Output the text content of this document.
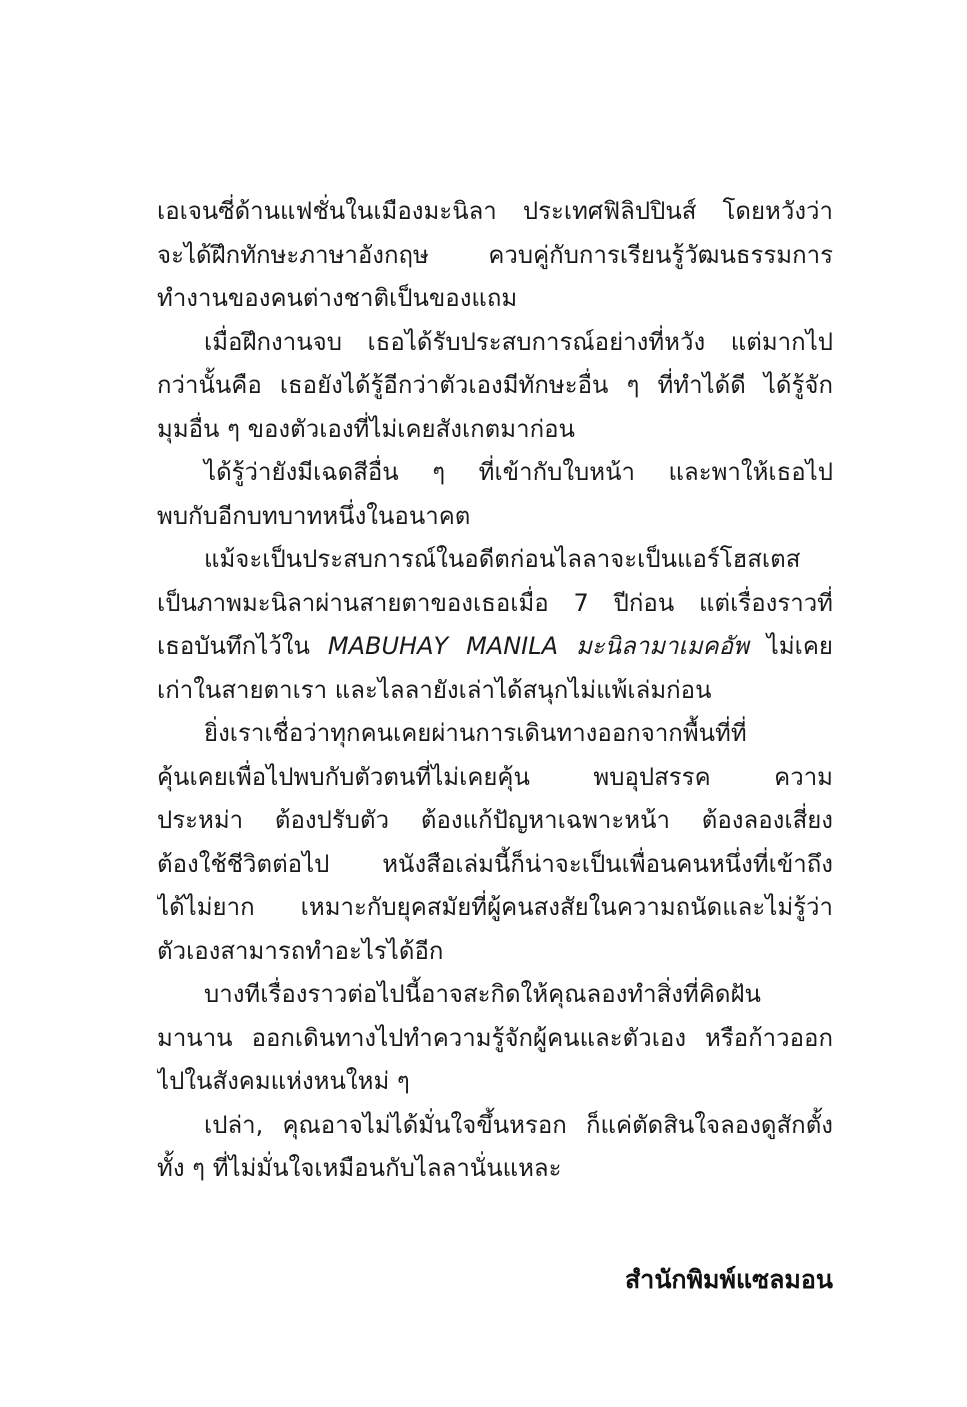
เอเจนซี่ด้านแฟชั่นในเมืองมะนิลา ประเทศฟิลิปปินส์ โดยหวังว่า
จะได้ฝึกทักษะภาษาอังกฤษ ควบคู่กับการเรียนรู้วัฒนธรรมการ
ทำงานของคนต่างชาติเป็นของแถม
เมื่อฝึกงานจบ เธอได้รับประสบการณ์อย่างที่หวัง แต่มากไป
กว่านั้นคือ เธอยังได้รู้อีกว่าตัวเองมีทักษะอื่น ๆ ที่ทำได้ดี ได้รู้จัก
มุมอื่น ๆ ของตัวเองที่ไม่เคยสังเกตมาก่อน
ได้รู้ว่ายังมีเฉดสีอื่น ๆ ที่เข้ากับใบหน้า และพาให้เธอไป
พบกับอีกบทบาทหนึ่งในอนาคต
แม้จะเป็นประสบการณ์ในอดีตก่อนไลลาจะเป็นแอร์โฮสเตส
เป็นภาพมะนิลาผ่านสายตาของเธอเมื่อ 7 ปีก่อน แต่เรื่องราวที่
เธอบันทึกไว้ใน MABUHAY MANILA มะนิลามาเมคอัพ ไม่เคย
เก่าในสายตาเรา และไลลายังเล่าได้สนุกไม่แพ้เล่มก่อน
ยิ่งเราเชื่อว่าทุกคนเคยผ่านการเดินทางออกจากพื้นที่ที่
คุ้นเคยเพื่อไปพบกับตัวตนที่ไม่เคยคุ้น พบอุปสรรค ความ
ประหม่า ต้องปรับตัว ต้องแก้ปัญหาเฉพาะหน้า ต้องลองเสี่ยง
ต้องใช้ชีวิตต่อไป หนังสือเล่มนี้ก็น่าจะเป็นเพื่อนคนหนึ่งที่เข้าถึง
ได้ไม่ยาก เหมาะกับยุคสมัยที่ผู้คนสงสัยในความถนัดและไม่รู้ว่า
ตัวเองสามารถทำอะไรได้อีก
บางทีเรื่องราวต่อไปนี้อาจสะกิดให้คุณลองทำสิ่งที่คิดฝัน
มานาน ออกเดินทางไปทำความรู้จักผู้คนและตัวเอง หรือก้าวออก
ไปในสังคมแห่งหนใหม่ ๆ
เปล่า, คุณอาจไม่ได้มั่นใจขึ้นหรอก ก็แค่ตัดสินใจลองดูสักตั้ง
ทั้ง ๆ ที่ไม่มั่นใจเหมือนกับไลลานั่นแหละ
สำนักพิมพ์แซลมอน
